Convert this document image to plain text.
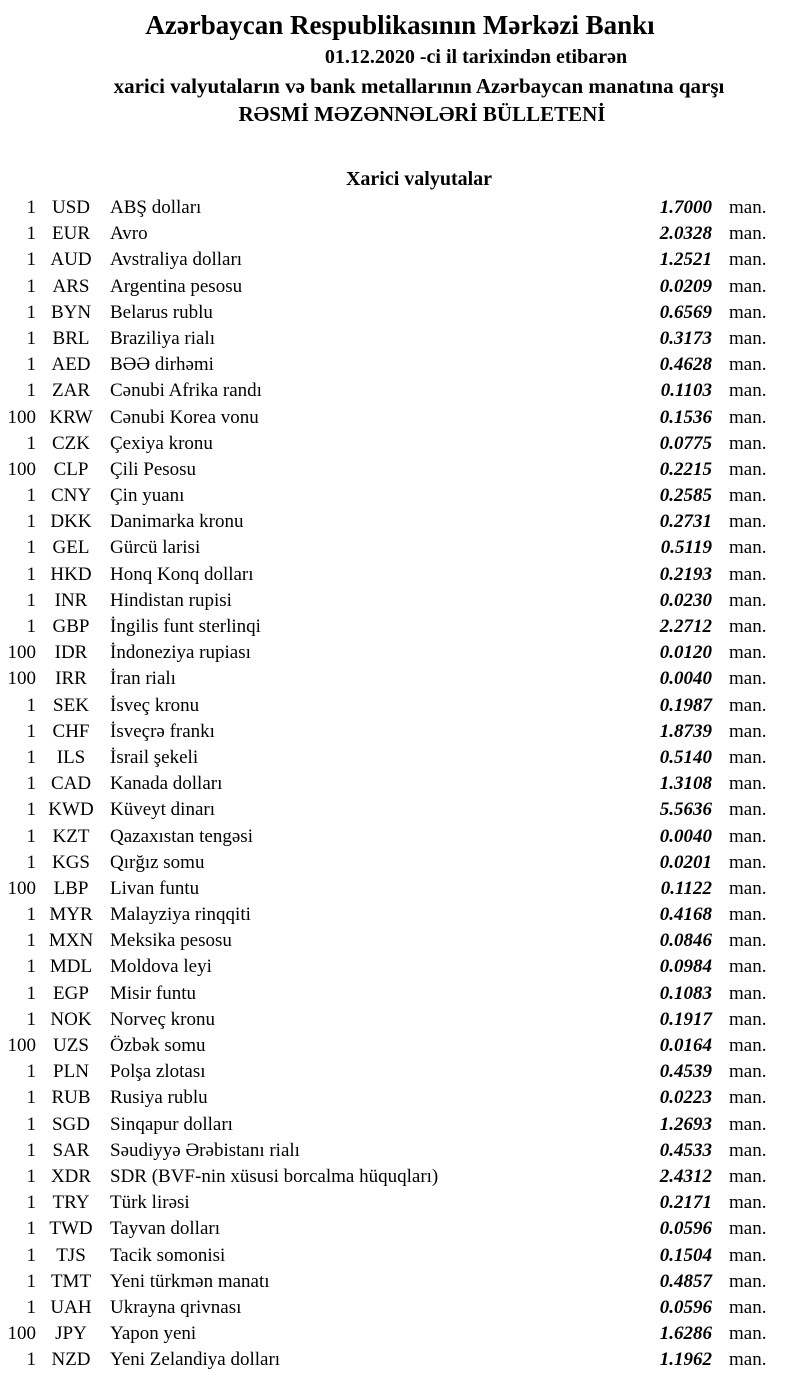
Azərbaycan Respublikasının Mərkəzi Bankı
01.12.2020 -ci il tarixindən etibarən
xarici valyutaların və bank metallarının Azərbaycan manatına qarşı
RƏSMİ MƏZƏNNƏLƏRİ BÜLLETENİ
Xarici valyutalar
1 USD	ABŞ dolları	1.7000 man.
1 EUR	Avro	2.0328 man.
1 AUD Avstraliya dolları	1.2521 man.
1 ARS	Argentina pesosu	0.0209 man.
1 BYN Belarus rublu	0.6569 man.
1 BRL	Braziliya rialı	0.3173 man.
1 AED	BƏƏ dirhəmi	0.4628 man.
1 ZAR	Cənubi Afrika randı	0.1103 man.
100 KRW Cənubi Korea vonu	0.1536 man.
1 CZK	Çexiya kronu	0.0775 man.
100 CLP	Çili Pesosu	0.2215 man.
1 CNY Çin yuanı	0.2585 man.
1 DKK Danimarka kronu	0.2731 man.
1 GEL	Gürcü larisi	0.5119 man.
1 HKD Honq Konq dolları	0.2193 man.
1 INR	Hindistan rupisi	0.0230 man.
1 GBP	İngilis funt sterlinqi	2.2712 man.
100 IDR	İndoneziya rupiası	0.0120 man.
100	IRR	İran rialı	0.0040 man.
1 SEK	İsveç kronu	0.1987 man.
1 CHF	İsveçrə frankı	1.8739 man.
1	ILS	İsrail şekeli	0.5140 man.
1 CAD Kanada dolları	1.3108 man.
1 KWD Küveyt dinarı	5.5636 man.
1 KZT	Qazaxıstan tengəsi	0.0040 man.
1 KGS	Qırğız somu	0.0201 man.
100 LBP	Livan funtu	0.1122 man.
1 MYR Malayziya rinqqiti	0.4168 man.
1 MXN Meksika pesosu	0.0846 man.
1 MDL Moldova leyi	0.0984 man.
1 EGP	Misir funtu	0.1083 man.
1 NOK Norveç kronu	0.1917 man.
100 UZS	Özbək somu	0.0164 man.
1 PLN	Polşa zlotası	0.4539 man.
1 RUB	Rusiya rublu	0.0223 man.
1 SGD	Sinqapur dolları	1.2693 man.
1 SAR	Səudiyyə Ərəbistanı rialı	0.4533 man.
1 XDR SDR (BVF-nin xüsusi borcalma hüquqları)	2.4312 man.
1 TRY	Türk lirəsi	0.2171 man.
1 TWD Tayvan dolları	0.0596 man.
1	TJS	Tacik somonisi	0.1504 man.
1 TMT Yeni türkmən manatı	0.4857 man.
1 UAH Ukrayna qrivnası	0.0596 man.
100	JPY	Yapon yeni	1.6286 man.
1 NZD	Yeni Zelandiya dolları	1.1962 man.
